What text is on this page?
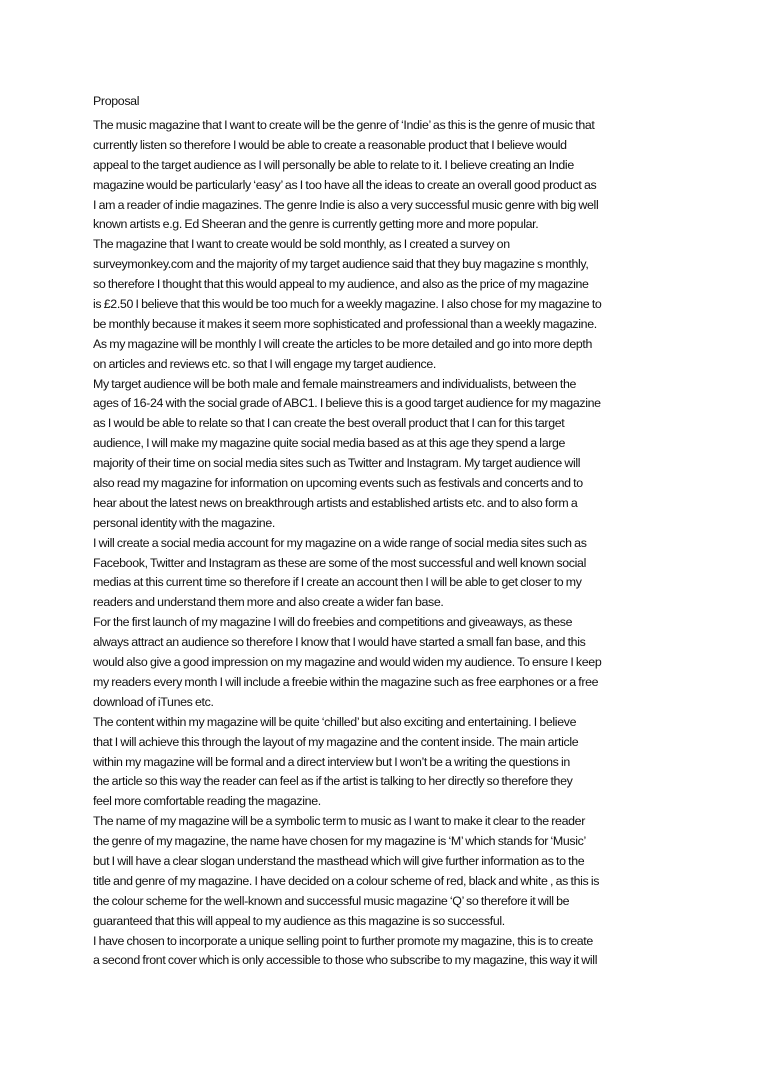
Proposal
The music magazine that I want to create will be the genre of ‘Indie’ as this is the genre of music that
currently listen so therefore I would be able to create a reasonable product that I believe would
appeal to the target audience as I will personally be able to relate to it. I believe creating an Indie
magazine would be particularly ‘easy’ as I too have all the ideas to create an overall good product as
I am a reader of indie magazines. The genre Indie is also a very successful music genre with big well
known artists e.g. Ed Sheeran and the genre is currently getting more and more popular.
The magazine that I want to create would be sold monthly, as I created a survey on
surveymonkey.com and the majority of my target audience said that they buy magazine s monthly,
so therefore I thought that this would appeal to my audience, and also as the price of my magazine
is £2.50 I believe that this would be too much for a weekly magazine. I also chose for my magazine to
be monthly because it makes it seem more sophisticated and professional than a weekly magazine.
As my magazine will be monthly I will create the articles to be more detailed and go into more depth
on articles and reviews etc. so that I will engage my target audience.
My target audience will be both male and female mainstreamers and individualists, between the
ages of 16-24 with the social grade of ABC1. I believe this is a good target audience for my magazine
as I would be able to relate so that I can create the best overall product that I can for this target
audience, I will make my magazine quite social media based as at this age they spend a large
majority of their time on social media sites such as Twitter and Instagram. My target audience will
also read my magazine for information on upcoming events such as festivals and concerts and to
hear about the latest news on breakthrough artists and established artists etc. and to also form a
personal identity with the magazine.
I will create a social media account for my magazine on a wide range of social media sites such as
Facebook, Twitter and Instagram as these are some of the most successful and well known social
medias at this current time so therefore if I create an account then I will be able to get closer to my
readers and understand them more and also create a wider fan base.
For the first launch of my magazine I will do freebies and competitions and giveaways, as these
always attract an audience so therefore I know that I would have started a small fan base, and this
would also give a good impression on my magazine and would widen my audience. To ensure I keep
my readers every month I will include a freebie within the magazine such as free earphones or a free
download of iTunes etc.
The content within my magazine will be quite ‘chilled’ but also exciting and entertaining. I believe
that I will achieve this through the layout of my magazine and the content inside. The main article
within my magazine will be formal and a direct interview but I won’t be a writing the questions in
the article so this way the reader can feel as if the artist is talking to her directly so therefore they
feel more comfortable reading the magazine.
The name of my magazine will be a symbolic term to music as I want to make it clear to the reader
the genre of my magazine, the name have chosen for my magazine is ‘M’ which stands for ‘Music’
but I will have a clear slogan understand the masthead which will give further information as to the
title and genre of my magazine. I have decided on a colour scheme of red, black and white , as this is
the colour scheme for the well-known and successful music magazine ‘Q’ so therefore it will be
guaranteed that this will appeal to my audience as this magazine is so successful.
I have chosen to incorporate a unique selling point to further promote my magazine, this is to create
a second front cover which is only accessible to those who subscribe to my magazine, this way it will
